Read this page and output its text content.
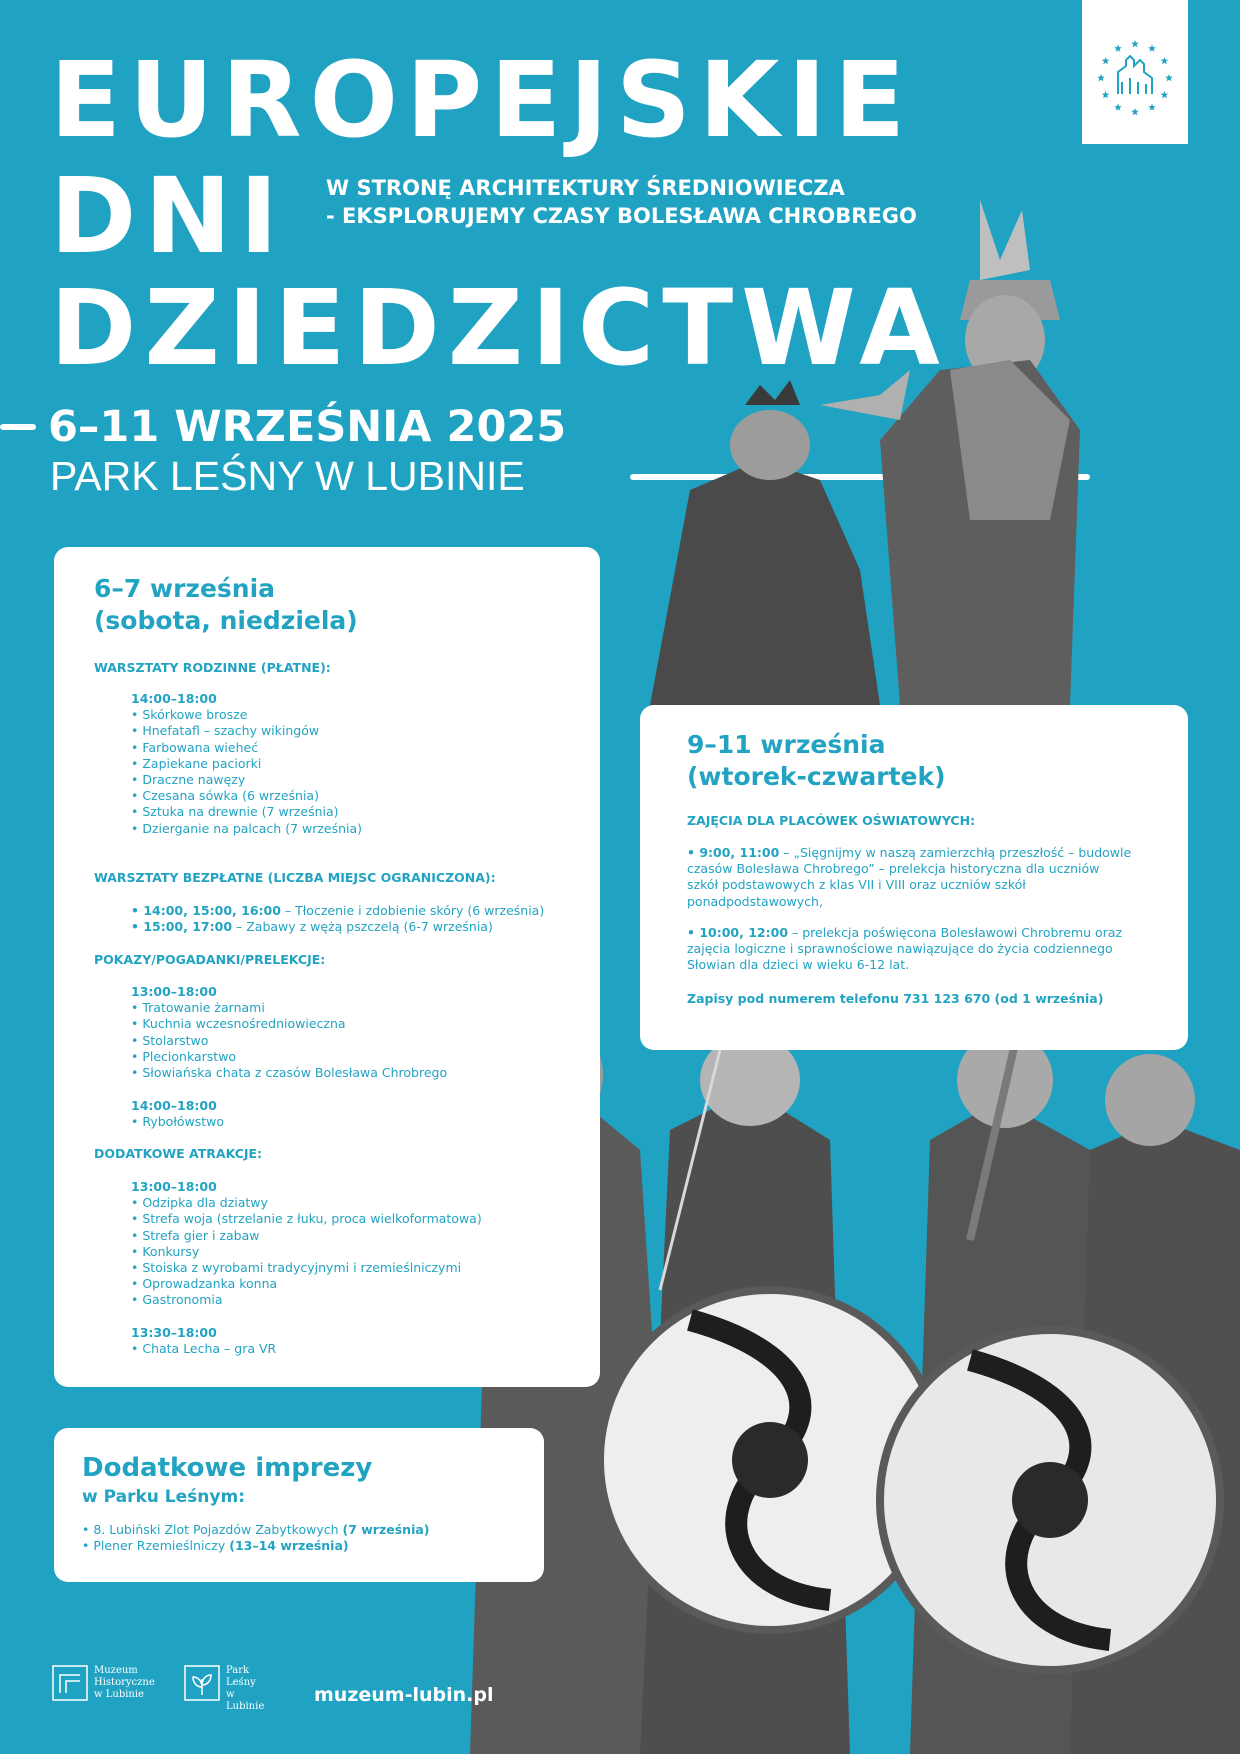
EUROPEJSKIE
DNI
DZIEDZICTWA
W STRONĘ ARCHITEKTURY ŚREDNIOWIECZA
- EKSPLORUJEMY CZASY BOLESŁAWA CHROBREGO
6–11 WRZEŚNIA 2025
PARK LEŚNY W LUBINIE
6–7 września
(sobota, niedziela)
WARSZTATY RODZINNE (PŁATNE):
14:00–18:00
• Skórkowe brosze
• Hnefatafl – szachy wikingów
• Farbowana wieheć
• Zapiekane paciorki
• Draczne nawęzy
• Czesana sówka (6 września)
• Sztuka na drewnie (7 września)
• Dzierganie na palcach (7 września)
WARSZTATY BEZPŁATNE (LICZBA MIEJSC OGRANICZONA):
• 14:00, 15:00, 16:00 – Tłoczenie i zdobienie skóry (6 września)
• 15:00, 17:00 – Zabawy z wężą pszczelą (6-7 września)
POKAZY/POGADANKI/PRELEKCJE:
13:00–18:00
• Tratowanie żarnami
• Kuchnia wczesnośredniowieczna
• Stolarstwo
• Plecionkarstwo
• Słowiańska chata z czasów Bolesława Chrobrego
14:00–18:00
• Rybołówstwo
DODATKOWE ATRAKCJE:
13:00–18:00
• Odzipka dla dziatwy
• Strefa woja (strzelanie z łuku, proca wielkoformatowa)
• Strefa gier i zabaw
• Konkursy
• Stoiska z wyrobami tradycyjnymi i rzemieślniczymi
• Oprowadzanka konna
• Gastronomia
13:30–18:00
• Chata Lecha – gra VR
9–11 września
(wtorek-czwartek)
ZAJĘCIA DLA PLACÓWEK OŚWIATOWYCH:
• 9:00, 11:00 – „Sięgnijmy w naszą zamierzchłą przeszłość – budowle
czasów Bolesława Chrobrego” – prelekcja historyczna dla uczniów
szkół podstawowych z klas VII i VIII oraz uczniów szkół
ponadpodstawowych,
• 10:00, 12:00 – prelekcja poświęcona Bolesławowi Chrobremu oraz
zajęcia logiczne i sprawnościowe nawiązujące do życia codziennego
Słowian dla dzieci w wieku 6-12 lat.
Zapisy pod numerem telefonu 731 123 670 (od 1 września)
Dodatkowe imprezy
w Parku Leśnym:
• 8. Lubiński Zlot Pojazdów Zabytkowych (7 września)
• Plener Rzemieślniczy (13–14 września)
Muzeum
Historyczne
w Lubinie
Park
Leśny
w Lubinie
muzeum-lubin.pl
